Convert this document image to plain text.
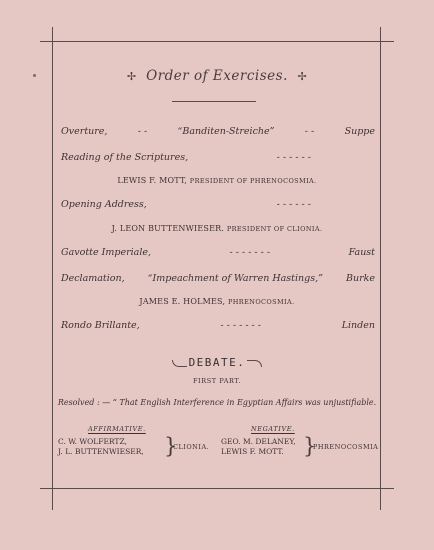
✢ Order of Exercises. ✢
Overture,	- -	“Banditen-Streiche”	- -	Suppe
Reading of the Scriptures,	- - - - - -
LEWIS F. MOTT, PRESIDENT OF PHRENOCOSMIA.
Opening Address,	- - - - - -
J. LEON BUTTENWIESER. PRESIDENT OF CLIONIA.
Gavotte Imperiale,	- - - - - - -	Faust
Declamation, “Impeachment of Warren Hastings,” Burke
JAMES E. HOLMES, PHRENOCOSMIA.
Rondo Brillante,	- - - - - - -	Linden
DEBATE.
FIRST PART.
Resolved : — “ That English Interference in Egyptian Affairs was unjustifiable.
AFFIRMATIVE.
C. W. WOLFERTZ,
J. L. BUTTENWIESER, }
CLIONIA.
NEGATIVE.
GEO. M. DELANEY,
LEWIS F. MOTT. }
PHRENOCOSMIA
